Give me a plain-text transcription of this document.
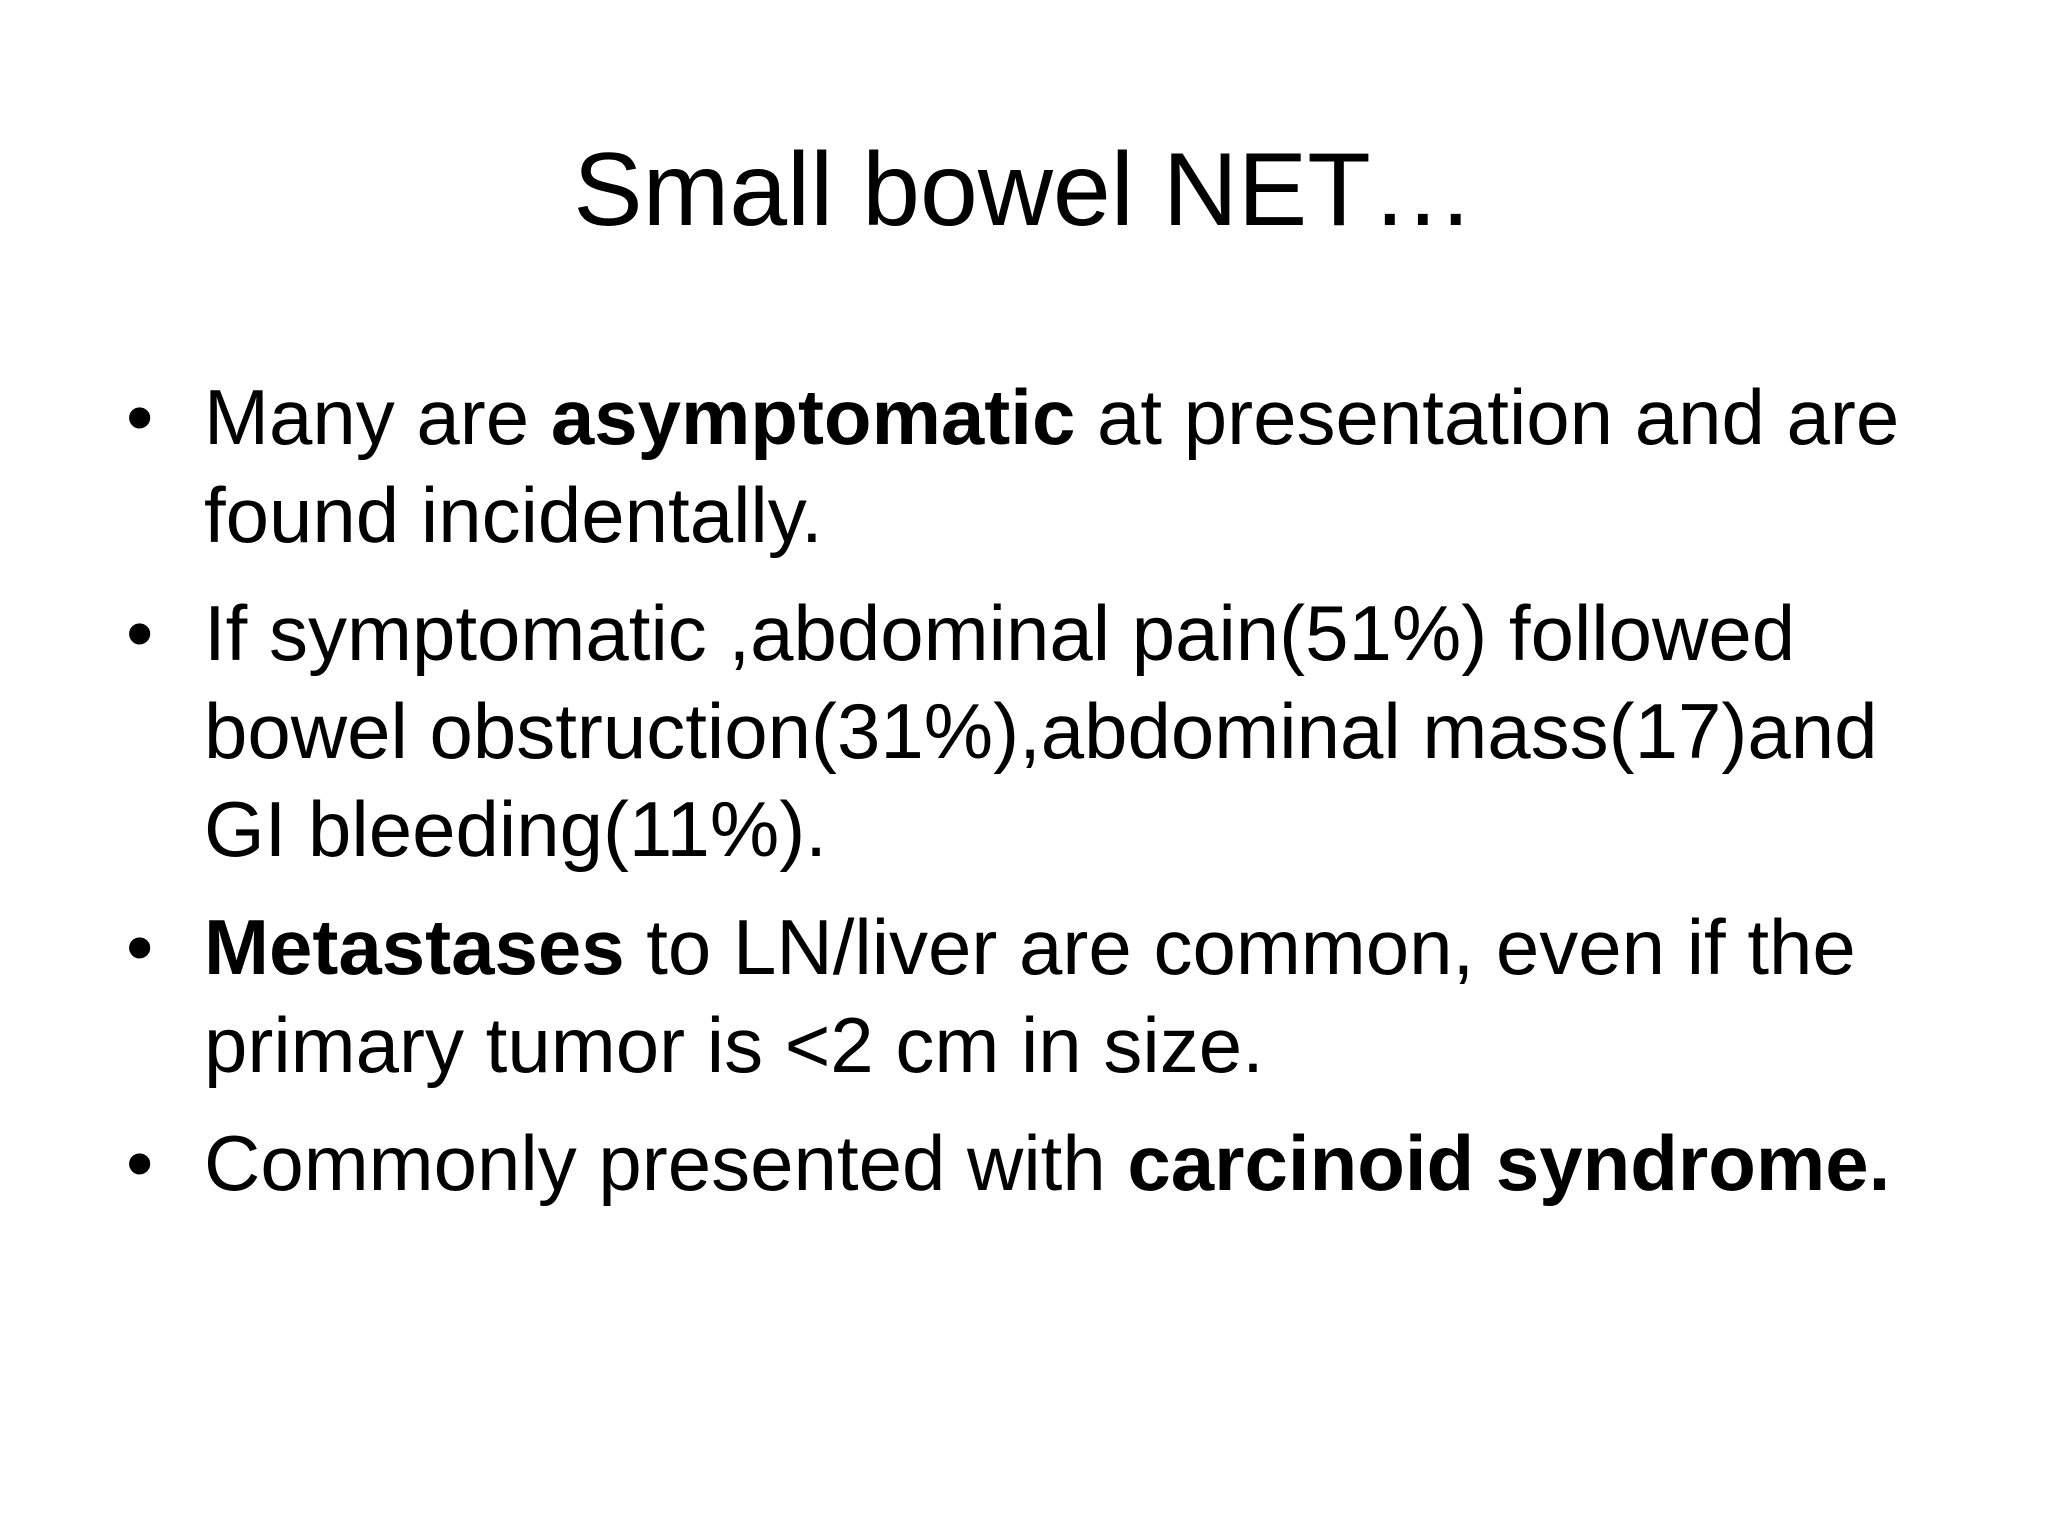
Small bowel NET…
• Many are asymptomatic at presentation and are found incidentally.
• If symptomatic ,abdominal pain(51%) followed bowel obstruction(31%),abdominal mass(17)and GI bleeding(11%).
• Metastases to LN/liver are common, even if the primary tumor is <2 cm in size.
• Commonly presented with carcinoid syndrome.
